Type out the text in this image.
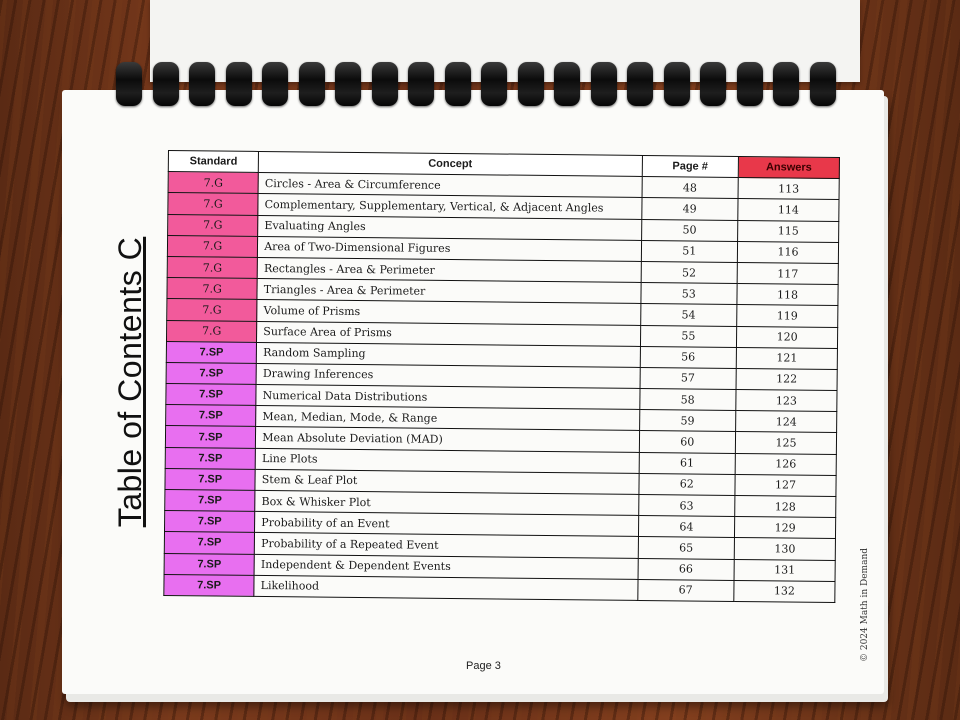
Table of Contents C
Standard	Concept	Page #	Answers
7.G	Circles - Area & Circumference	48	113
7.G	Complementary, Supplementary, Vertical, & Adjacent Angles	49	114
7.G	Evaluating Angles	50	115
7.G	Area of Two-Dimensional Figures	51	116
7.G	Rectangles - Area & Perimeter	52	117
7.G	Triangles - Area & Perimeter	53	118
7.G	Volume of Prisms	54	119
7.G	Surface Area of Prisms	55	120
7.SP	Random Sampling	56	121
7.SP	Drawing Inferences	57	122
7.SP	Numerical Data Distributions	58	123
7.SP	Mean, Median, Mode, & Range	59	124
7.SP	Mean Absolute Deviation (MAD)	60	125
7.SP	Line Plots	61	126
7.SP	Stem & Leaf Plot	62	127
7.SP	Box & Whisker Plot	63	128
7.SP	Probability of an Event	64	129
7.SP	Probability of a Repeated Event	65	130
7.SP	Independent & Dependent Events	66	131
7.SP	Likelihood	67	132
Page 3
© 2024 Math in Demand
